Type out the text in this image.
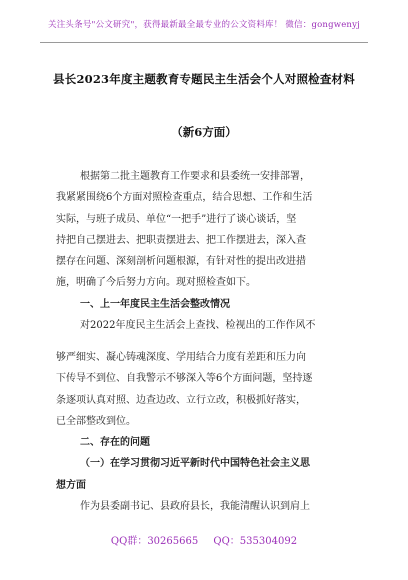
关注头条号"公文研究"，获得最新最全最专业的公文资料库！ 微信：gongwenyj
县长2023年度主题教育专题民主生活会个人对照检查材料
（新6方面）
根据第二批主题教育工作要求和县委统一安排部署，
我紧紧围绕6个方面对照检查重点，结合思想、工作和生活
实际，与班子成员、单位“一把手”进行了谈心谈话，坚
持把自己摆进去、把职责摆进去、把工作摆进去，深入查
摆存在问题、深刻剖析问题根源，有针对性的提出改进措
施，明确了今后努力方向。现对照检查如下。
一、上一年度民主生活会整改情况
对2022年度民主生活会上查找、检视出的工作作风不
够严细实、凝心铸魂深度、学用结合力度有差距和压力向
下传导不到位、自我警示不够深入等6个方面问题，坚持逐
条逐项认真对照、边查边改、立行立改，积极抓好落实，
已全部整改到位。
二、存在的问题
（一）在学习贯彻习近平新时代中国特色社会主义思
想方面
作为县委副书记、县政府县长，我能清醒认识到肩上
QQ群：30265665 QQ：535304092
